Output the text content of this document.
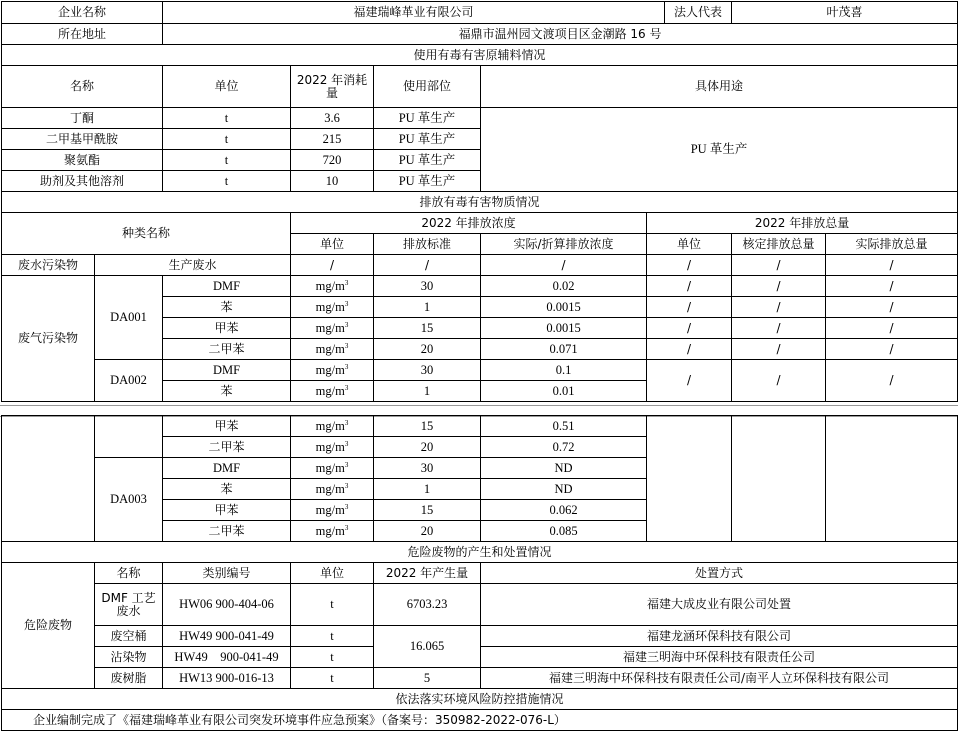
企业名称		福建瑞峰革业有限公司					法人代表	叶茂喜	
所在地址		福鼎市温州园文渡项目区金潮路 16 号							
使用有毒有害原辅料情况									
名称		单位	2022 年消耗量	使用部位	具体用途				
丁酮		t	3.6	PU 革生产	PU 革生产				
二甲基甲酰胺		t	215	PU 革生产					
聚氨酯		t	720	PU 革生产					
助剂及其他溶剂		t	10	PU 革生产					
排放有毒有害物质情况									
种类名称			2022 年排放浓度			2022 年排放总量			
			单位	排放标准	实际/折算排放浓度	单位		核定排放总量	实际排放总量
废水污染物	生产废水		/	/	/	/		/	/
废气污染物	DA001	DMF	$mg/m^3$	30	0.02	/		/	/
		苯	$mg/m^3$	1	0.0015	/		/	/
		甲苯	$mg/m^3$	15	0.0015	/		/	/
		二甲苯	$mg/m^3$	20	0.071	/		/	/
	DA002	DMF	$mg/m^3$	30	0.1	/		/	/
		苯	$mg/m^3$	1	0.01				
		甲苯	$mg/m^3$	15	0.51			
		二甲苯	$mg/m^3$	20	0.72			
	DA003	DMF	$mg/m^3$	30	ND			
		苯	$mg/m^3$	1	ND			
		甲苯	$mg/m^3$	15	0.062			
		二甲苯	$mg/m^3$	20	0.085			
危险废物的产生和处置情况								
危险废物	名称	类别编号	单位	2022 年产生量	处置方式			
	DMF 工艺废水	HW06 900-404-06	t	6703.23	福建大成皮业有限公司处置			
	废空桶	HW49 900-041-49	t	16.065	福建龙涵环保科技有限公司			
	沾染物	HW49    900-041-49	t		福建三明海中环保科技有限责任公司			
	废树脂	HW13 900-016-13	t	5	福建三明海中环保科技有限责任公司/南平人立环保科技有限公司			
依法落实环境风险防控措施情况								
企业编制完成了《福建瑞峰革业有限公司突发环境事件应急预案》（备案号：350982-2022-076-L）								
